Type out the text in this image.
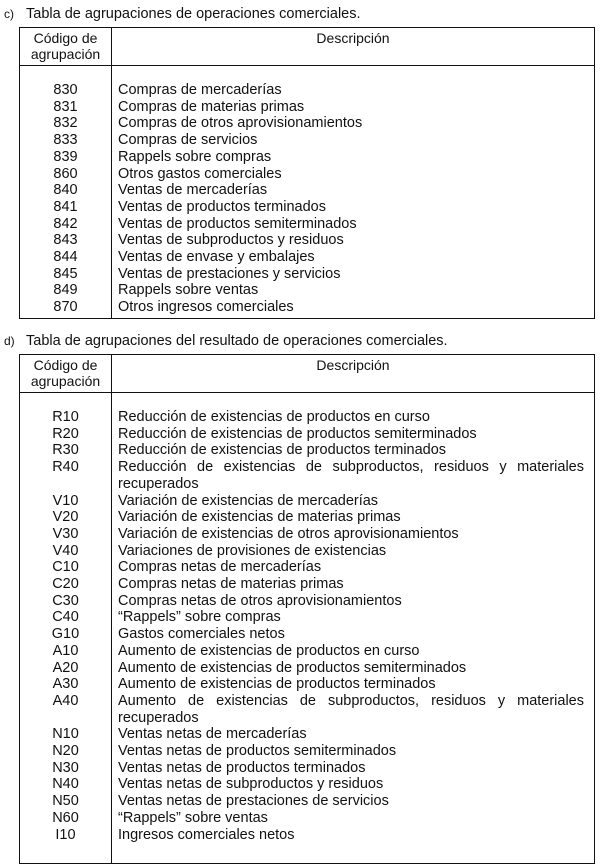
c) Tabla de agrupaciones de operaciones comerciales.
Código de agrupación
Descripción
830	Compras de mercaderías
831	Compras de materias primas
832	Compras de otros aprovisionamientos
833	Compras de servicios
839	Rappels sobre compras
860	Otros gastos comerciales
840	Ventas de mercaderías
841	Ventas de productos terminados
842	Ventas de productos semiterminados
843	Ventas de subproductos y residuos
844	Ventas de envase y embalajes
845	Ventas de prestaciones y servicios
849	Rappels sobre ventas
870	Otros ingresos comerciales
d) Tabla de agrupaciones del resultado de operaciones comerciales.
Código de agrupación
Descripción
R10	Reducción de existencias de productos en curso
R20	Reducción de existencias de productos semiterminados
R30	Reducción de existencias de productos terminados
R40	Reducción de existencias de subproductos, residuos y materiales recuperados
V10	Variación de existencias de mercaderías
V20	Variación de existencias de materias primas
V30	Variación de existencias de otros aprovisionamientos
V40	Variaciones de provisiones de existencias
C10	Compras netas de mercaderías
C20	Compras netas de materias primas
C30	Compras netas de otros aprovisionamientos
C40	“Rappels” sobre compras
G10	Gastos comerciales netos
A10	Aumento de existencias de productos en curso
A20	Aumento de existencias de productos semiterminados
A30	Aumento de existencias de productos terminados
A40	Aumento de existencias de subproductos, residuos y materiales recuperados
N10	Ventas netas de mercaderías
N20	Ventas netas de productos semiterminados
N30	Ventas netas de productos terminados
N40	Ventas netas de subproductos y residuos
N50	Ventas netas de prestaciones de servicios
N60	“Rappels” sobre ventas
I10	Ingresos comerciales netos
